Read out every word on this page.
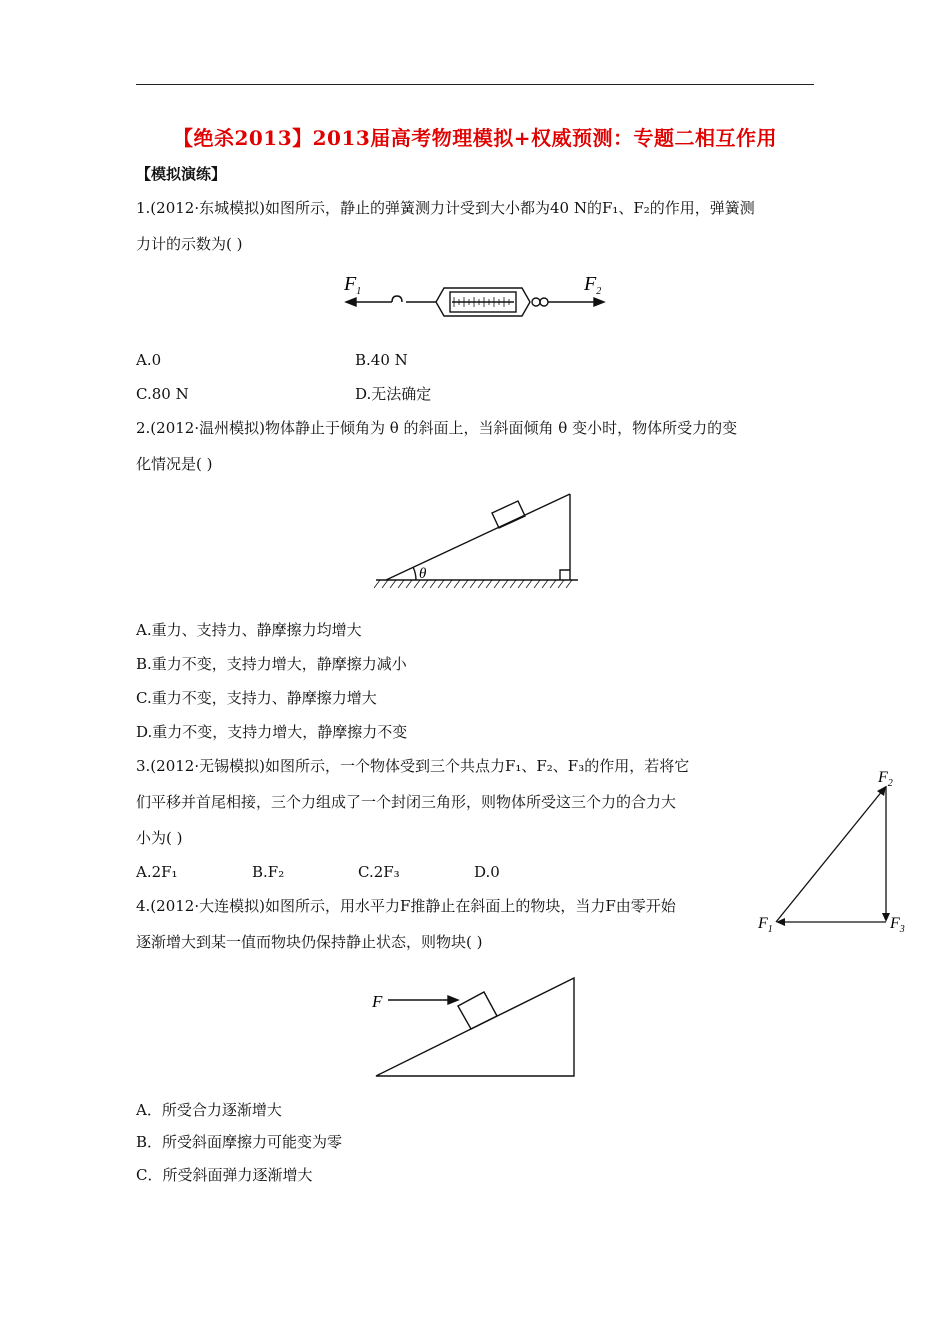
【绝杀2013】2013届高考物理模拟+权威预测：专题二相互作用
【模拟演练】
1.(2012·东城模拟)如图所示，静止的弹簧测力计受到大小都为40 N的F₁、F₂的作用，弹簧测
力计的示数为( )
$F_1$	$F_2$
A.0	B.40 N
C.80 N	D.无法确定
2.(2012·温州模拟)物体静止于倾角为 θ 的斜面上，当斜面倾角 θ 变小时，物体所受力的变
化情况是( )
θ
A.重力、支持力、静摩擦力均增大
B.重力不变，支持力增大，静摩擦力减小
C.重力不变，支持力、静摩擦力增大
D.重力不变，支持力增大，静摩擦力不变
3.(2012·无锡模拟)如图所示，一个物体受到三个共点力F₁、F₂、F₃的作用，若将它
们平移并首尾相接，三个力组成了一个封闭三角形，则物体所受这三个力的合力大
小为( )
$F_1$
$F_2$
$F_3$
A.2F₁	B.F₂	C.2F₃	D.0
4.(2012·大连模拟)如图所示，用水平力F推静止在斜面上的物块，当力F由零开始
逐渐增大到某一值而物块仍保持静止状态，则物块( )
F
A．所受合力逐渐增大
B．所受斜面摩擦力可能变为零
C．所受斜面弹力逐渐增大
